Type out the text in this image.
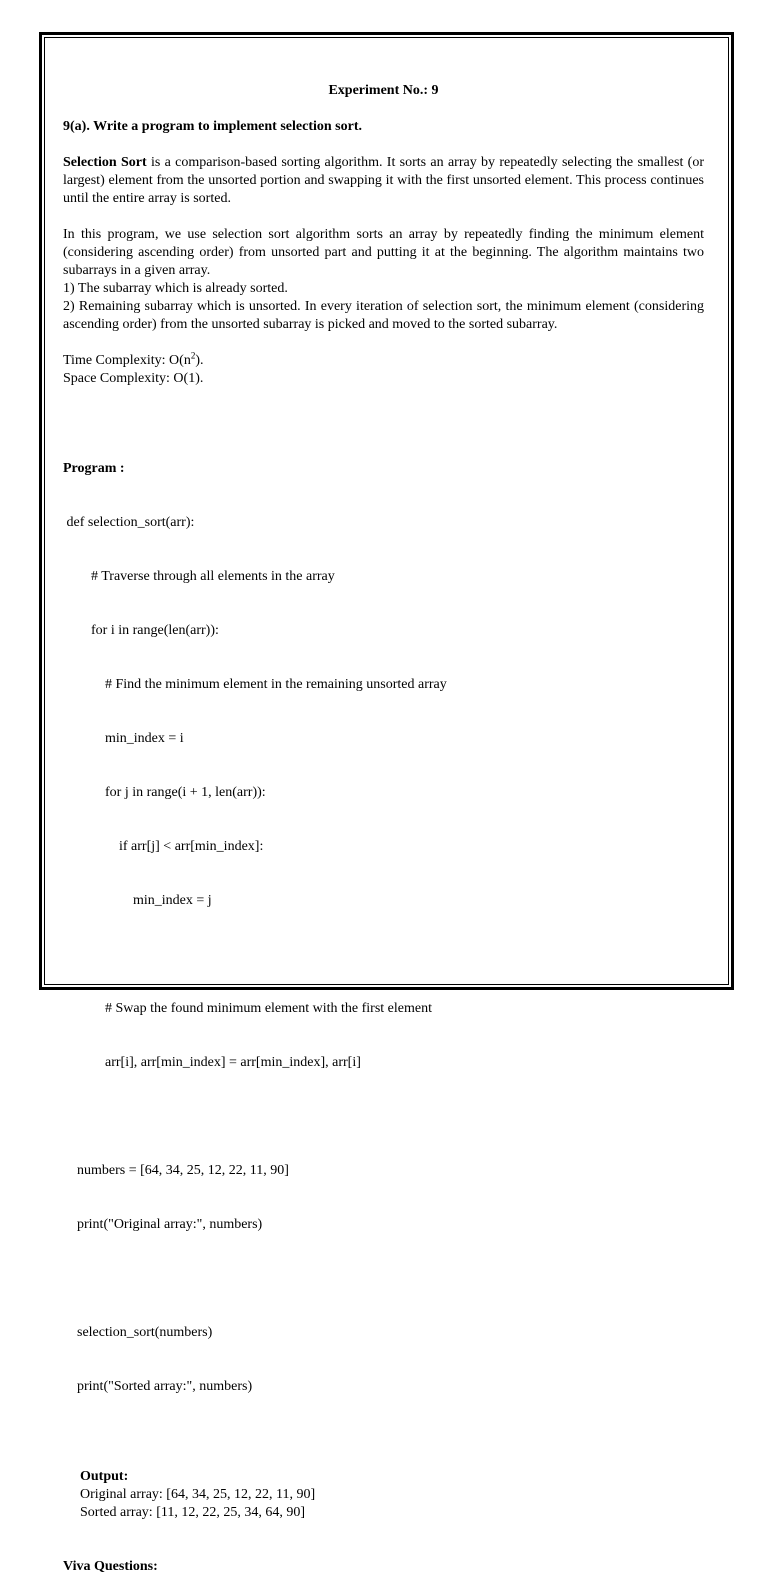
Experiment No.: 9

9(a). Write a program to implement selection sort.

Selection Sort is a comparison-based sorting algorithm. It sorts an array by repeatedly selecting the smallest (or largest) element from the unsorted portion and swapping it with the first unsorted element. This process continues until the entire array is sorted.

In this program, we use selection sort algorithm sorts an array by repeatedly finding the minimum element (considering ascending order) from unsorted part and putting it at the beginning. The algorithm maintains two subarrays in a given array.

1) The subarray which is already sorted.

2) Remaining subarray which is unsorted. In every iteration of selection sort, the minimum element (considering ascending order) from the unsorted subarray is picked and moved to the sorted subarray.

Time Complexity: $O(n^2)$.

Space Complexity: O(1).

Program :

def selection_sort(arr):

# Traverse through all elements in the array

for i in range(len(arr)):

# Find the minimum element in the remaining unsorted array

min_index = i

for j in range(i + 1, len(arr)):

if arr[j] < arr[min_index]:

min_index = j

# Swap the found minimum element with the first element

arr[i], arr[min_index] = arr[min_index], arr[i]

numbers = [64, 34, 25, 12, 22, 11, 90]

print("Original array:", numbers)

selection_sort(numbers)

print("Sorted array:", numbers)

Output:

Original array: [64, 34, 25, 12, 22, 11, 90]

Sorted array: [11, 12, 22, 25, 34, 64, 90]

Viva Questions:
